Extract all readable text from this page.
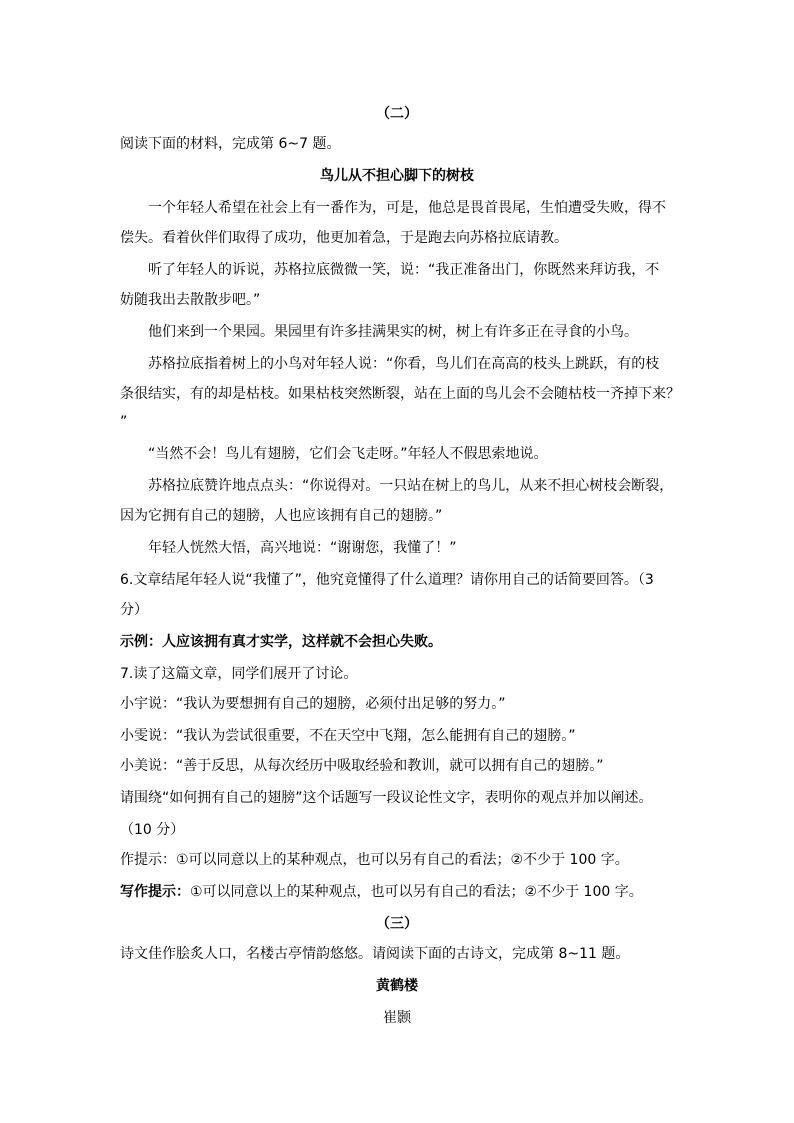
（二）
阅读下面的材料，完成第 6~7 题。
鸟儿从不担心脚下的树枝
一个年轻人希望在社会上有一番作为，可是，他总是畏首畏尾，生怕遭受失败，得不
偿失。看着伙伴们取得了成功，他更加着急，于是跑去向苏格拉底请教。
听了年轻人的诉说，苏格拉底微微一笑，说：“我正准备出门，你既然来拜访我，不
妨随我出去散散步吧。”
他们来到一个果园。果园里有许多挂满果实的树，树上有许多正在寻食的小鸟。
苏格拉底指着树上的小鸟对年轻人说：“你看，鸟儿们在高高的枝头上跳跃，有的枝
条很结实，有的却是枯枝。如果枯枝突然断裂，站在上面的鸟儿会不会随枯枝一齐掉下来？
”
“当然不会！鸟儿有翅膀，它们会飞走呀。”年轻人不假思索地说。
苏格拉底赞许地点点头：“你说得对。一只站在树上的鸟儿，从来不担心树枝会断裂，
因为它拥有自己的翅膀，人也应该拥有自己的翅膀。”
年轻人恍然大悟，高兴地说：“谢谢您，我懂了！”
6.文章结尾年轻人说“我懂了”，他究竟懂得了什么道理？请你用自己的话简要回答。（3
分）
示例：人应该拥有真才实学，这样就不会担心失败。
7.读了这篇文章，同学们展开了讨论。
小宇说：“我认为要想拥有自己的翅膀，必须付出足够的努力。”
小雯说：“我认为尝试很重要，不在天空中飞翔，怎么能拥有自己的翅膀。”
小美说：“善于反思，从每次经历中吸取经验和教训，就可以拥有自己的翅膀。”
请围绕“如何拥有自己的翅膀”这个话题写一段议论性文字，表明你的观点并加以阐述。
（10 分）
作提示：①可以同意以上的某种观点，也可以另有自己的看法；②不少于 100 字。
写作提示：①可以同意以上的某种观点，也可以另有自己的看法；②不少于 100 字。
（三）
诗文佳作脍炙人口，名楼古亭情韵悠悠。请阅读下面的古诗文，完成第 8~11 题。
黄鹤楼
崔颢
